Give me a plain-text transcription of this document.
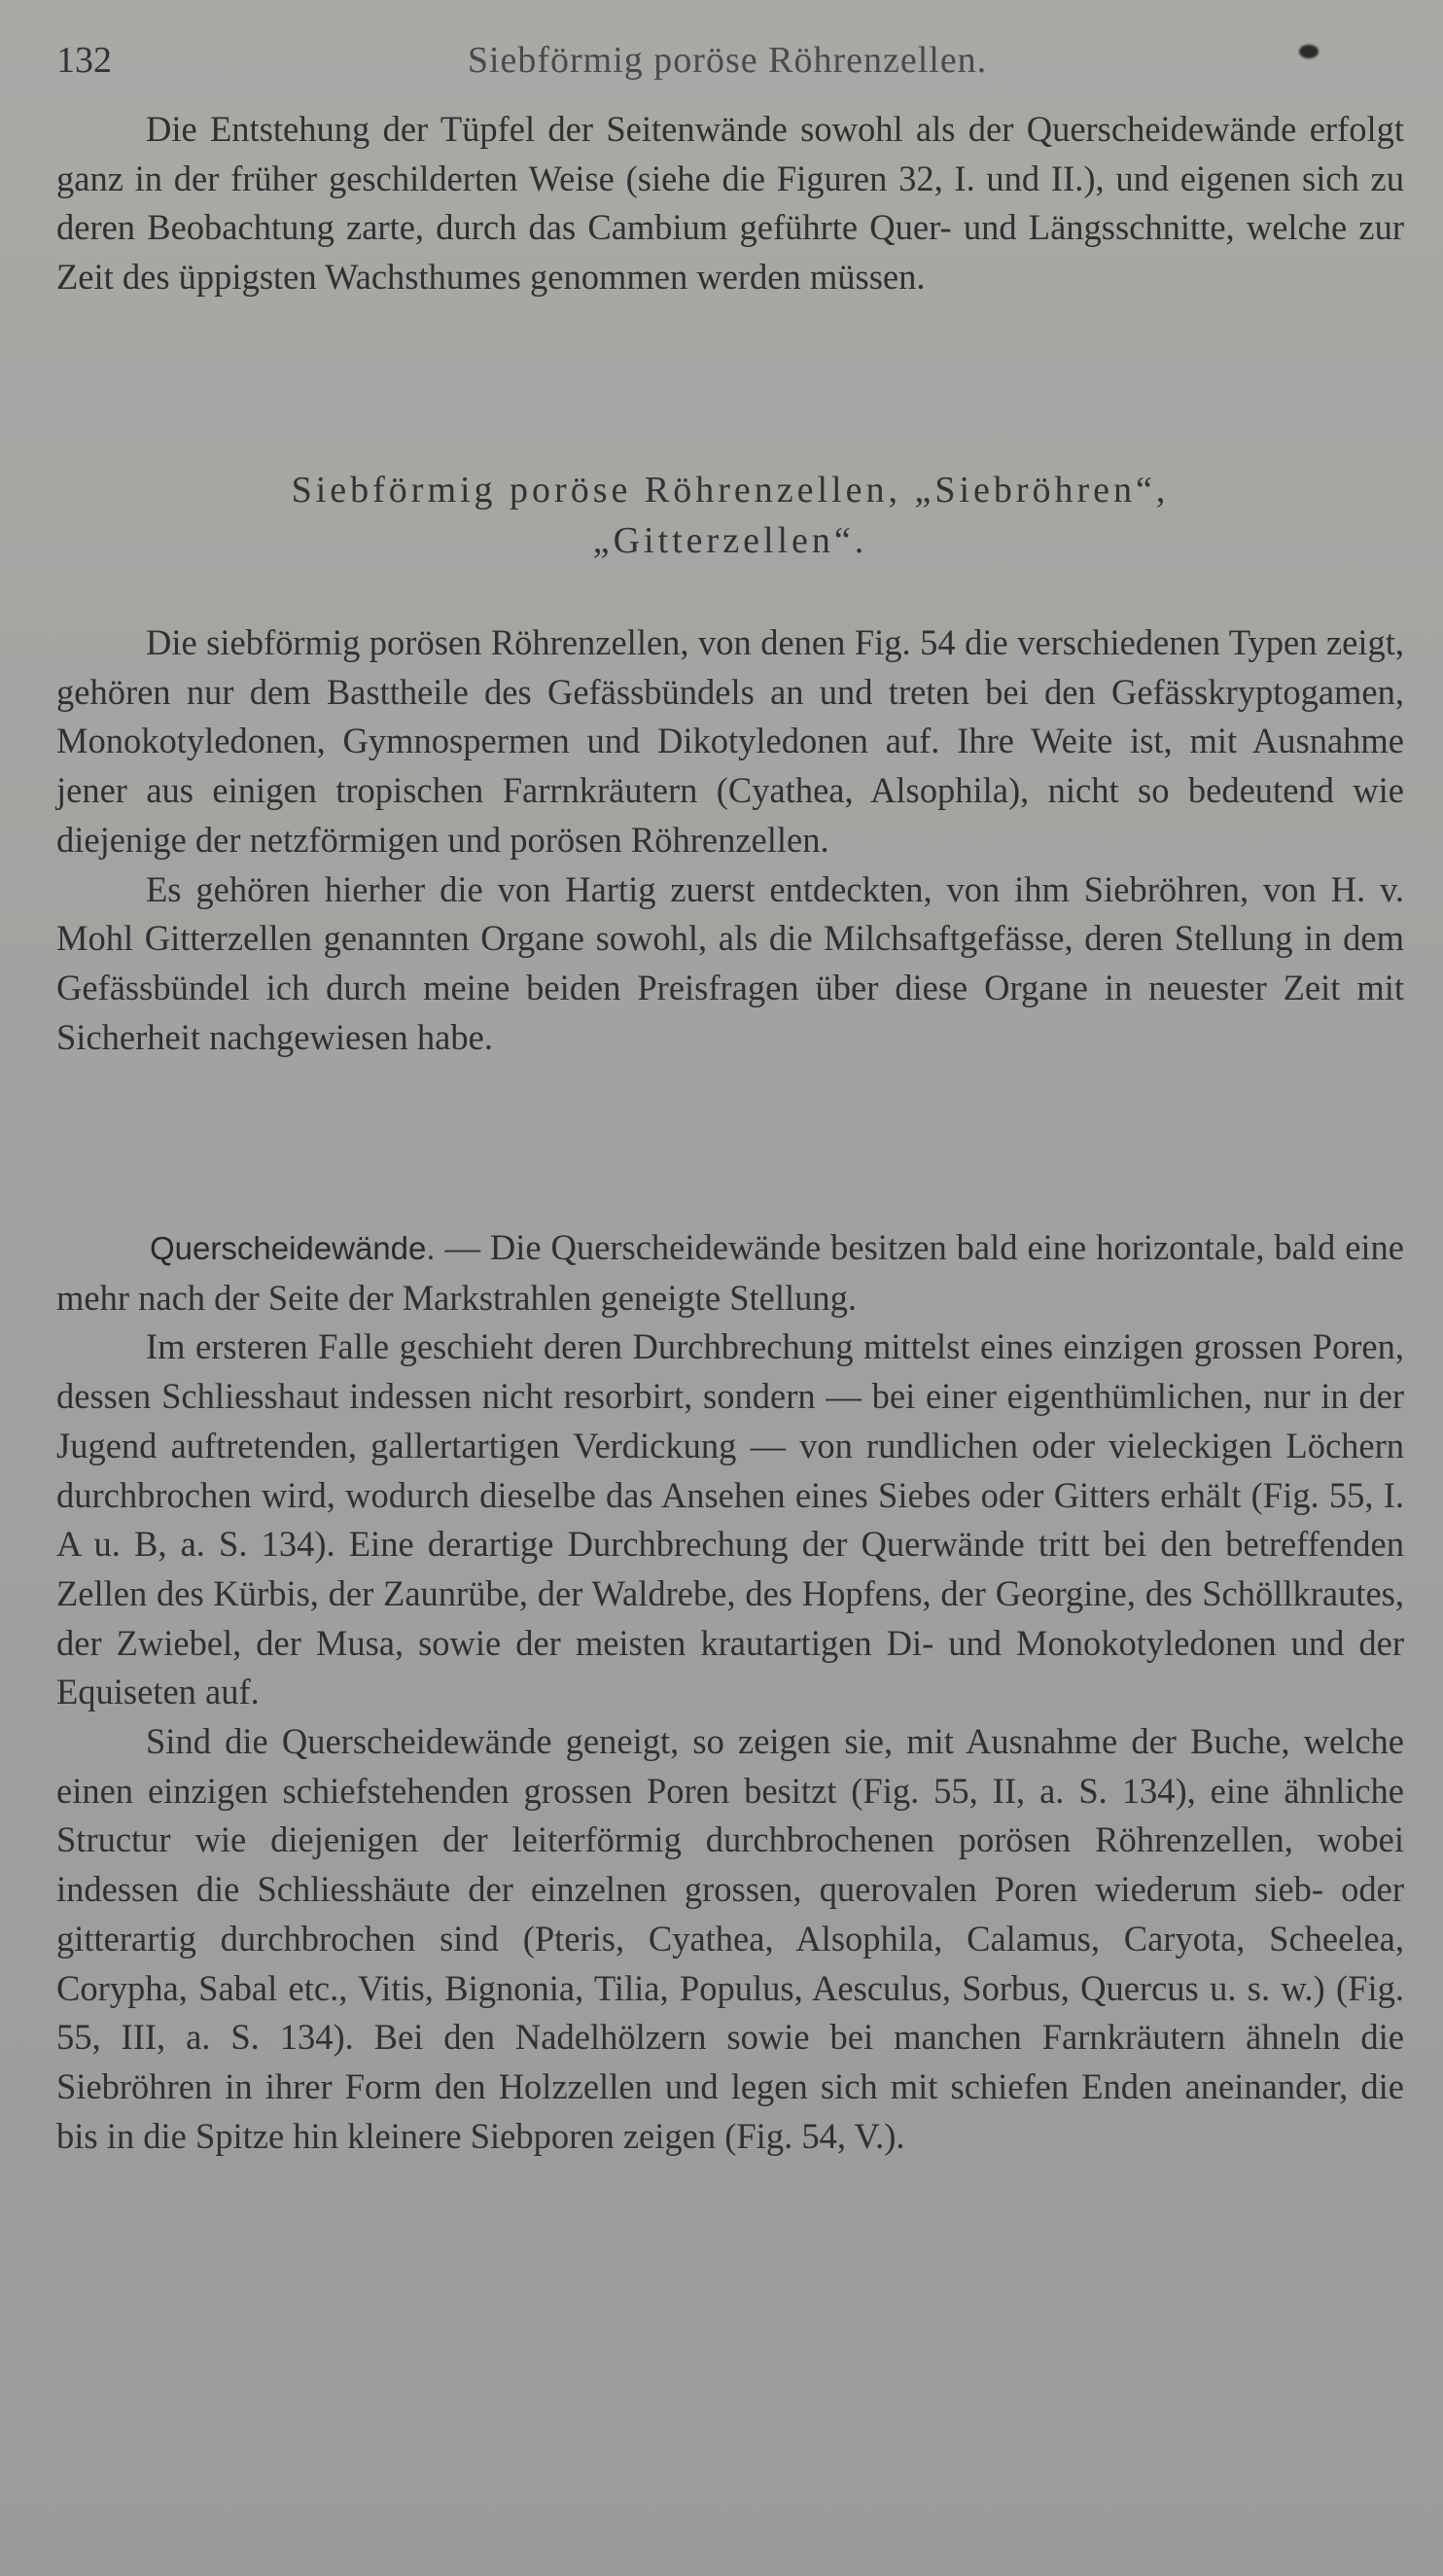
132	Siebförmig poröse Röhrenzellen.

Die Entstehung der Tüpfel der Seitenwände sowohl als der Querscheidewände erfolgt ganz in der früher geschilderten Weise (siehe die Figuren 32, I. und II.), und eigenen sich zu deren Beobachtung zarte, durch das Cambium geführte Quer- und Längsschnitte, welche zur Zeit des üppigsten Wachsthumes genommen werden müssen.

Siebförmig poröse Röhrenzellen, „Siebröhren“,
„Gitterzellen“.

Die siebförmig porösen Röhrenzellen, von denen Fig. 54 die verschiedenen Typen zeigt, gehören nur dem Basttheile des Gefässbündels an und treten bei den Gefässkryptogamen, Monokotyledonen, Gymnospermen und Dikotyledonen auf. Ihre Weite ist, mit Ausnahme jener aus einigen tropischen Farrnkräutern (Cyathea, Alsophila), nicht so bedeutend wie diejenige der netzförmigen und porösen Röhrenzellen.

Es gehören hierher die von Hartig zuerst entdeckten, von ihm Siebröhren, von H. v. Mohl Gitterzellen genannten Organe sowohl, als die Milchsaftgefässe, deren Stellung in dem Gefässbündel ich durch meine beiden Preisfragen über diese Organe in neuester Zeit mit Sicherheit nachgewiesen habe.

Querscheidewände. — Die Querscheidewände besitzen bald eine horizontale, bald eine mehr nach der Seite der Markstrahlen geneigte Stellung.

Im ersteren Falle geschieht deren Durchbrechung mittelst eines einzigen grossen Poren, dessen Schliesshaut indessen nicht resorbirt, sondern — bei einer eigenthümlichen, nur in der Jugend auftretenden, gallertartigen Verdickung — von rundlichen oder vieleckigen Löchern durchbrochen wird, wodurch dieselbe das Ansehen eines Siebes oder Gitters erhält (Fig. 55, I. A u. B, a. S. 134). Eine derartige Durchbrechung der Querwände tritt bei den betreffenden Zellen des Kürbis, der Zaunrübe, der Waldrebe, des Hopfens, der Georgine, des Schöllkrautes, der Zwiebel, der Musa, sowie der meisten krautartigen Di- und Monokotyledonen und der Equiseten auf.

Sind die Querscheidewände geneigt, so zeigen sie, mit Ausnahme der Buche, welche einen einzigen schiefstehenden grossen Poren besitzt (Fig. 55, II, a. S. 134), eine ähnliche Structur wie diejenigen der leiterförmig durchbrochenen porösen Röhrenzellen, wobei indessen die Schliesshäute der einzelnen grossen, querovalen Poren wiederum sieb- oder gitterartig durchbrochen sind (Pteris, Cyathea, Alsophila, Calamus, Caryota, Scheelea, Corypha, Sabal etc., Vitis, Bignonia, Tilia, Populus, Aesculus, Sorbus, Quercus u. s. w.) (Fig. 55, III, a. S. 134). Bei den Nadelhölzern sowie bei manchen Farnkräutern ähneln die Siebröhren in ihrer Form den Holzzellen und legen sich mit schiefen Enden aneinander, die bis in die Spitze hin kleinere Siebporen zeigen (Fig. 54, V.).
